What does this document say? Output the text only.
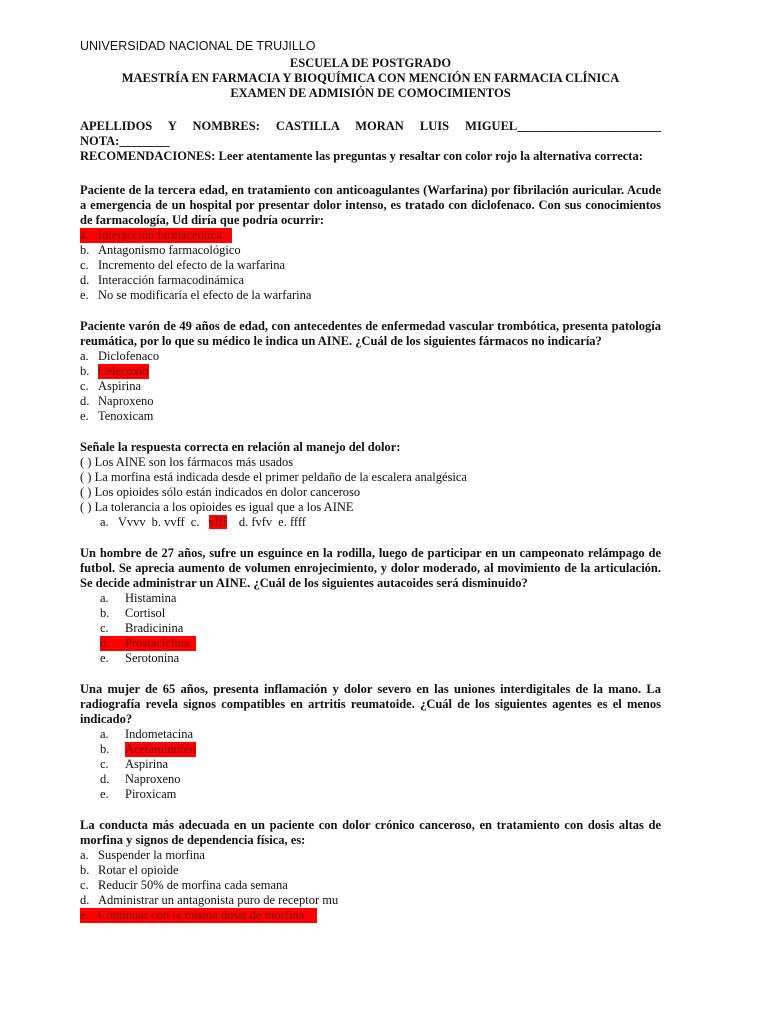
UNIVERSIDAD NACIONAL DE TRUJILLO
ESCUELA DE POSTGRADO
MAESTRÍA EN FARMACIA Y BIOQUÍMICA CON MENCIÓN EN FARMACIA CLÍNICA
EXAMEN DE ADMISIÓN DE COMOCIMIENTOS
APELLIDOS Y NOMBRES: CASTILLA MORAN LUIS MIGUEL_______________________ NOTA:________
RECOMENDACIONES: Leer atentamente las preguntas y resaltar con color rojo la alternativa correcta:
Paciente de la tercera edad, en tratamiento con anticoagulantes (Warfarina) por fibrilación auricular. Acude a emergencia de un hospital por presentar dolor intenso, es tratado con diclofenaco. Con sus conocimientos de farmacología, Ud diría que podría ocurrir:
a. Interacción farmacéutica
b. Antagonismo farmacológico
c. Incremento del efecto de la warfarina
d. Interacción farmacodinámica
e. No se modificaría el efecto de la warfarina
Paciente varón de 49 años de edad, con antecedentes de enfermedad vascular trombótica, presenta patología reumática, por lo que su médico le indica un AINE. ¿Cuál de los siguientes fármacos no indicaría?
a. Diclofenaco
b. Celecoxib
c. Aspirina
d. Naproxeno
e. Tenoxicam
Señale la respuesta correcta en relación al manejo del dolor:
( ) Los AINE son los fármacos más usados
( ) La morfina está indicada desde el primer peldaño de la escalera analgésica
( ) Los opioides sólo están indicados en dolor canceroso
( ) La tolerancia a los opioides es igual que a los AINE
a.   Vvvv b. vvff c. vfff d. fvfv e. ffff
Un hombre de 27 años, sufre un esguince en la rodilla, luego de participar en un campeonato relámpago de futbol. Se aprecia aumento de volumen enrojecimiento, y dolor moderado, al movimiento de la articulación. Se decide administrar un AINE. ¿Cuál de los siguientes autacoides será disminuido?
a.	Histamina
b.	Cortisol
c.	Bradicinina
d.	Prostaciclina
e.	Serotonina
Una mujer de 65 años, presenta inflamación y dolor severo en las uniones interdigitales de la mano. La radiografía revela signos compatibles en artritis reumatoide. ¿Cuál de los siguientes agentes es el menos indicado?
a.	Indometacina
b.	Acetaminofén
c.	Aspirina
d.	Naproxeno
e.	Piroxicam
La conducta más adecuada en un paciente con dolor crónico canceroso, en tratamiento con dosis altas de morfina y signos de dependencia física, es:
a. Suspender la morfina
b. Rotar el opioide
c. Reducir 50% de morfina cada semana
d. Administrar un antagonista puro de receptor mu
e. Continuar con la misma dosis de morfina
